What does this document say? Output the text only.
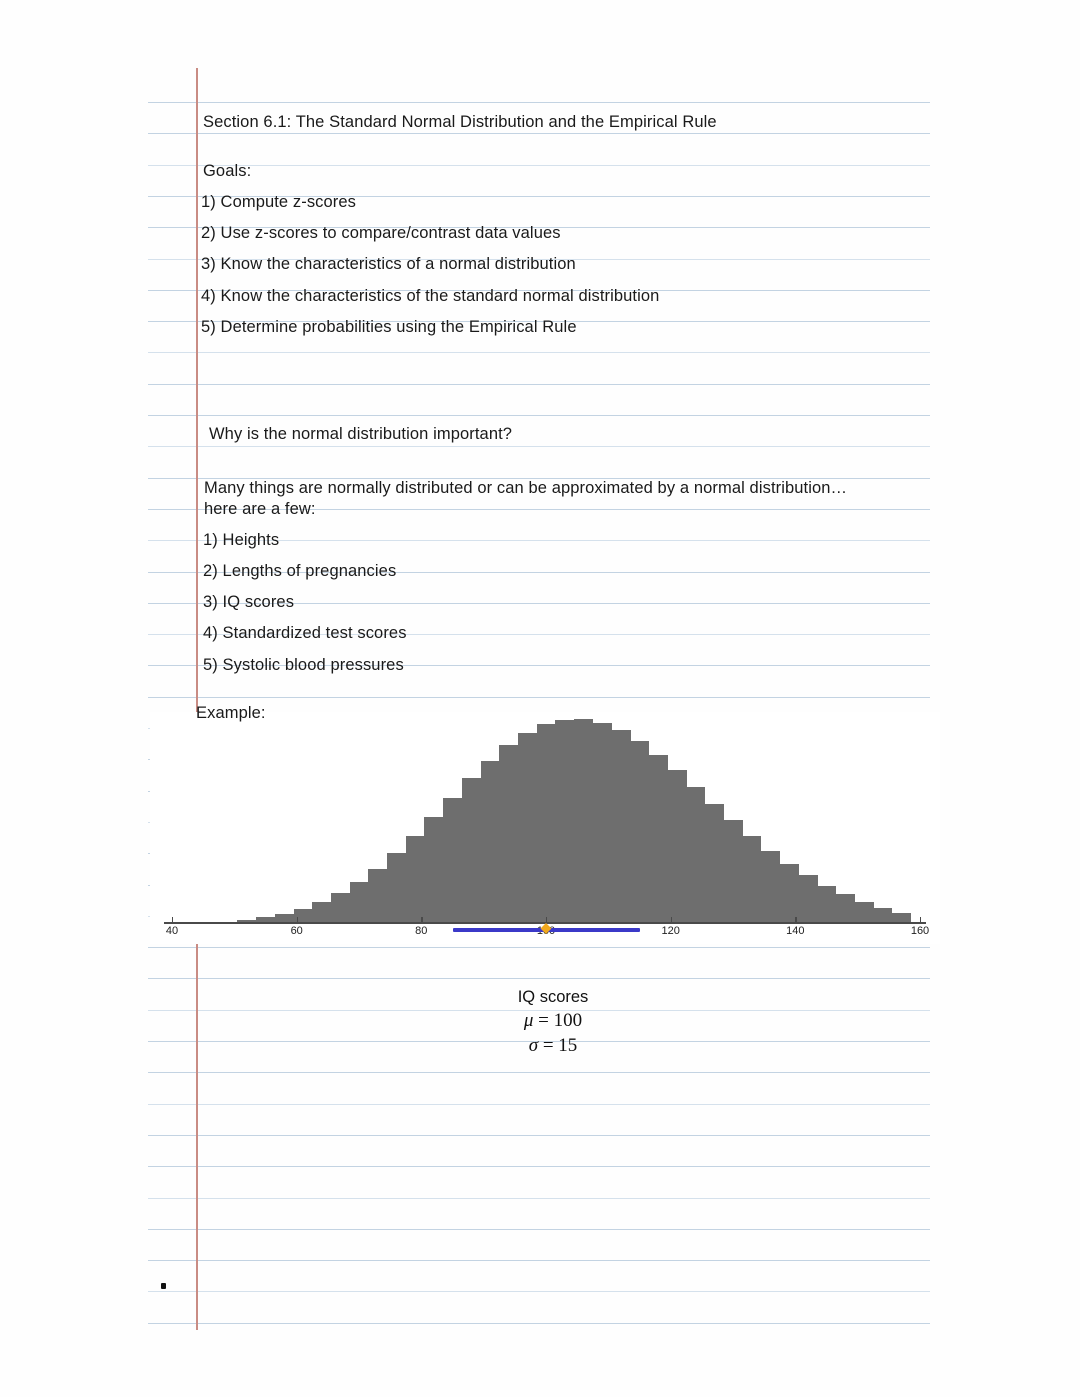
Section 6.1: The Standard Normal Distribution and the Empirical Rule
Goals:
1) Compute z-scores
2) Use z-scores to compare/contrast data values
3) Know the characteristics of a normal distribution
4) Know the characteristics of the standard normal distribution
5) Determine probabilities using the Empirical Rule
Why is the normal distribution important?
Many things are normally distributed or can be approximated by a normal distribution…
here are a few:
1) Heights
2) Lengths of pregnancies
3) IQ scores
4) Standardized test scores
5) Systolic blood pressures
Example:
40	60	80	120	140	160
IQ scores
μ = 100
σ = 15
